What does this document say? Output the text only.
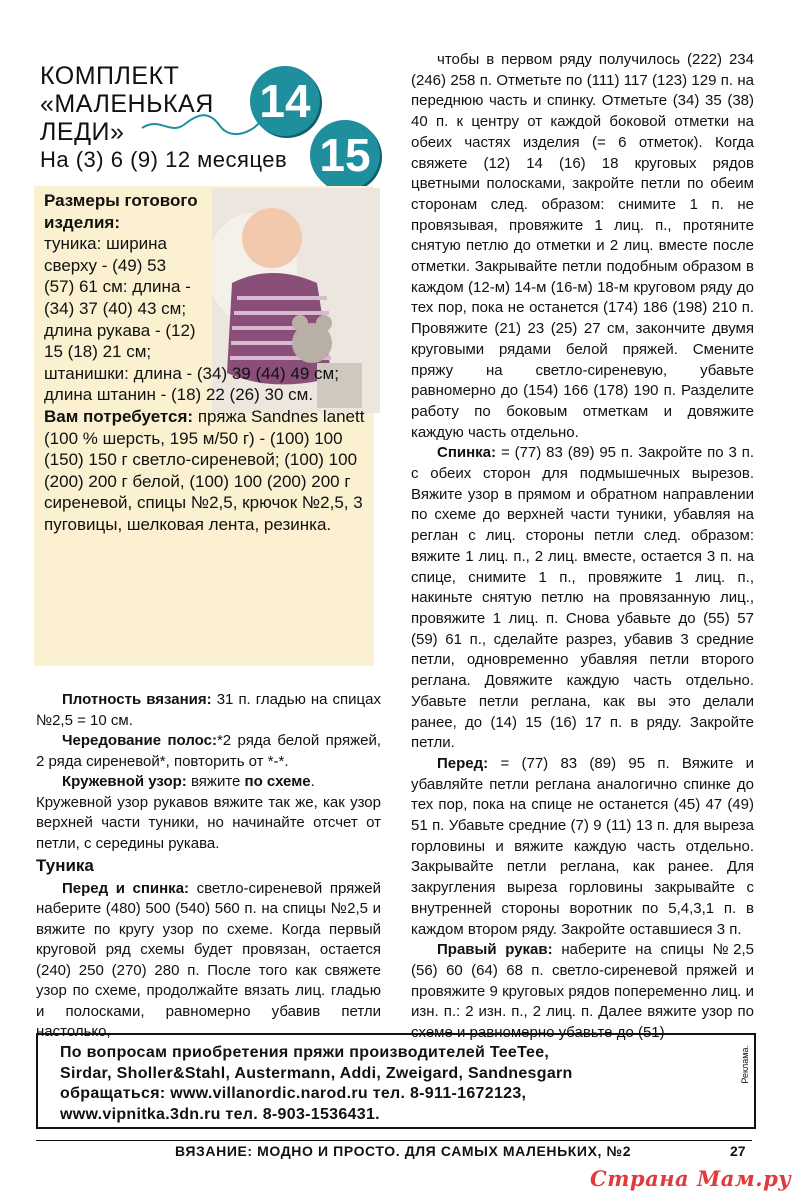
КОМПЛЕКТ
«МАЛЕНЬКАЯ
ЛЕДИ»
На (3) 6 (9) 12 месяцев
14
15
Размеры готового изделия:
туника: ширина сверху - (49) 53 (57) 61 см: длина - (34) 37 (40) 43 см; длина рукава - (12) 15 (18) 21 см;
штанишки: длина - (34) 39 (44) 49 см; длина штанин - (18) 22 (26) 30 см.
Вам потребуется: пряжа Sandnes lanett (100 % шерсть, 195 м/50 г) - (100) 100 (150) 150 г светло-сиреневой; (100) 100 (200) 200 г белой, (100) 100 (200) 200 г сиреневой, спицы №2,5, крючок №2,5, 3 пуговицы, шелковая лента, резинка.

Плотность вязания: 31 п. гладью на спицах №2,5 = 10 см.

Чередование полос:*2 ряда белой пряжей, 2 ряда сиреневой*, повторить от *-*.

Кружевной узор: вяжите по схеме.

Кружевной узор рукавов вяжите так же, как узор верхней части туники, но начинайте отсчет от петли, с середины рукава.

Туника

Перед и спинка: светло-сиреневой пряжей наберите (480) 500 (540) 560 п. на спицы №2,5 и вяжите по кругу узор по схеме. Когда первый круговой ряд схемы будет провязан, остается (240) 250 (270) 280 п. После того как свяжете узор по схеме, продолжайте вязать лиц. гладью и полосками, равномерно убавив петли настолько,

чтобы в первом ряду получилось (222) 234 (246) 258 п. Отметьте по (111) 117 (123) 129 п. на переднюю часть и спинку. Отметьте (34) 35 (38) 40 п. к центру от каждой боковой отметки на обеих частях изделия (= 6 отметок). Когда свяжете (12) 14 (16) 18 круговых рядов цветными полосками, закройте петли по обеим сторонам след. образом: снимите 1 п. не провязывая, провяжите 1 лиц. п., протяните снятую петлю до отметки и 2 лиц. вместе после отметки. Закрывайте петли подобным образом в каждом (12-м) 14-м (16-м) 18-м круговом ряду до тех пор, пока не останется (174) 186 (198) 210 п. Провяжите (21) 23 (25) 27 см, закончите двумя круговыми рядами белой пряжей. Смените пряжу на светло-сиреневую, убавьте равномерно до (154) 166 (178) 190 п. Разделите работу по боковым отметкам и довяжите каждую часть отдельно.

Спинка: = (77) 83 (89) 95 п. Закройте по 3 п. с обеих сторон для подмышечных вырезов. Вяжите узор в прямом и обратном направлении по схеме до верхней части туники, убавляя на реглан с лиц. стороны петли след. образом: вяжите 1 лиц. п., 2 лиц. вместе, остается 3 п. на спице, снимите 1 п., провяжите 1 лиц. п., накиньте снятую петлю на провязанную лиц., провяжите 1 лиц. п. Снова убавьте до (55) 57 (59) 61 п., сделайте разрез, убавив 3 средние петли, одновременно убавляя петли второго реглана. Довяжите каждую часть отдельно. Убавьте петли реглана, как вы это делали ранее, до (14) 15 (16) 17 п. в ряду. Закройте петли.

Перед: = (77) 83 (89) 95 п. Вяжите и убавляйте петли реглана аналогично спинке до тех пор, пока на спице не останется (45) 47 (49) 51 п. Убавьте средние (7) 9 (11) 13 п. для выреза горловины и вяжите каждую часть отдельно. Закрывайте петли реглана, как ранее. Для закругления выреза горловины закрывайте с внутренней стороны воротник по 5,4,3,1 п. в каждом втором ряду. Закройте оставшиеся 3 п.

Правый рукав: наберите на спицы №2,5 (56) 60 (64) 68 п. светло-сиреневой пряжей и провяжите 9 круговых рядов попеременно лиц. и изн. п.: 2 изн. п., 2 лиц. п. Далее вяжите узор по схеме и равномерно убавьте до (51)

По вопросам приобретения пряжи производителей TeeTee,
Sirdar, Sholler&Stahl, Austermann, Addi, Zweigard, Sandnesgarn
обращаться: www.villanordic.narod.ru тел. 8-911-1672123,
www.vipnitka.3dn.ru тел. 8-903-1536431.
Реклама.
ВЯЗАНИЕ: МОДНО И ПРОСТО. ДЛЯ САМЫХ МАЛЕНЬКИХ, №2	27
Страна Мам.ру
